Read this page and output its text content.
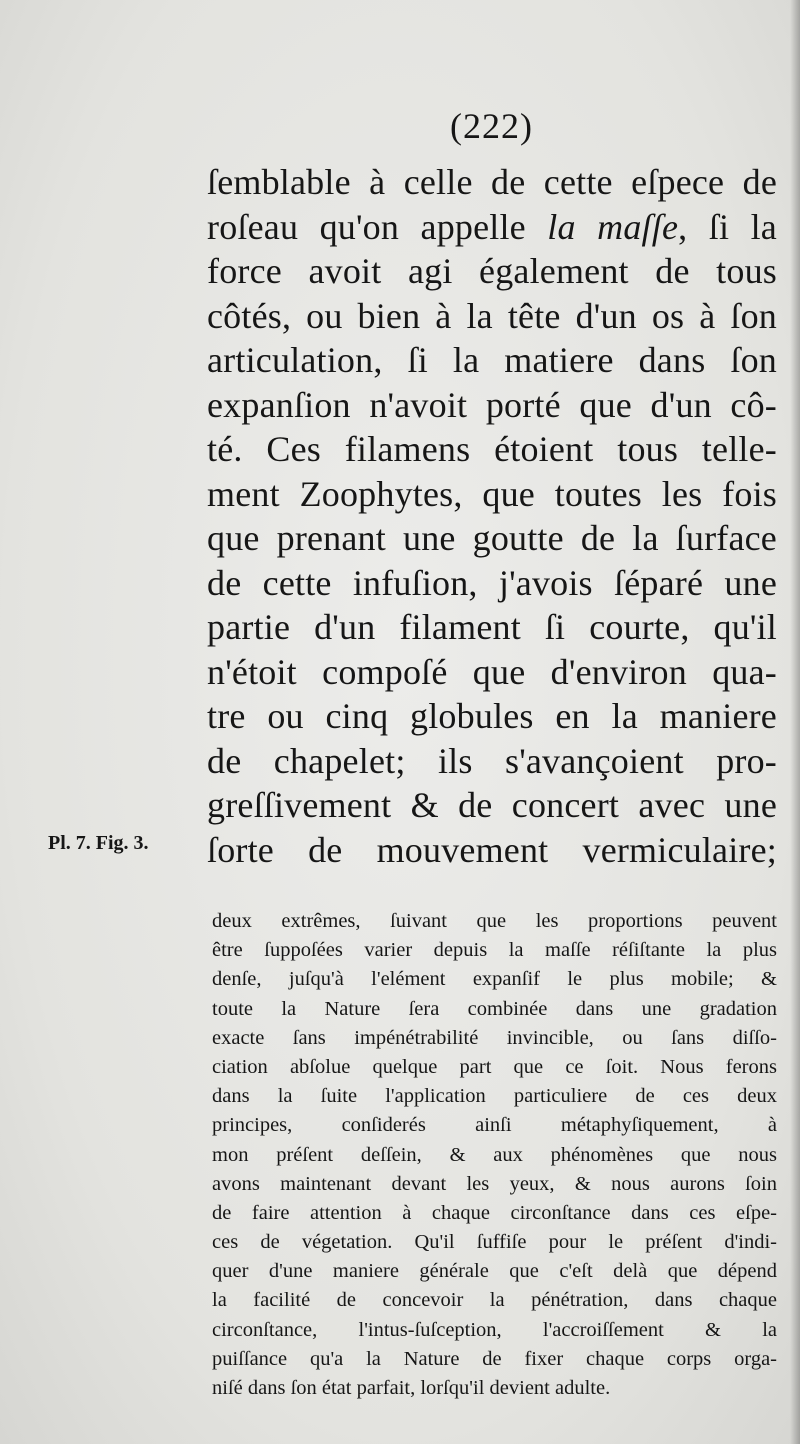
(222)
ſemblable à celle de cette eſpece de
roſeau qu'on appelle la maſſe, ſi la
force avoit agi également de tous
côtés, ou bien à la tête d'un os à ſon
articulation, ſi la matiere dans ſon
expanſion n'avoit porté que d'un cô-
té. Ces filamens étoient tous telle-
ment Zoophytes, que toutes les fois
que prenant une goutte de la ſurface
de cette infuſion, j'avois ſéparé une
partie d'un filament ſi courte, qu'il
n'étoit compoſé que d'environ qua-
tre ou cinq globules en la maniere
de chapelet; ils s'avançoient pro-
greſſivement & de concert avec une
ſorte de mouvement vermiculaire;
Pl. 7. Fig. 3.
deux extrêmes, ſuivant que les proportions peuvent
être ſuppoſées varier depuis la maſſe réſiſtante la plus
denſe, juſqu'à l'elément expanſif le plus mobile; &
toute la Nature ſera combinée dans une gradation
exacte ſans impénétrabilité invincible, ou ſans diſſo-
ciation abſolue quelque part que ce ſoit. Nous ferons
dans la ſuite l'application particuliere de ces deux
principes, conſiderés ainſi métaphyſiquement, à
mon préſent deſſein, & aux phénomènes que nous
avons maintenant devant les yeux, & nous aurons ſoin
de faire attention à chaque circonſtance dans ces eſpe-
ces de végetation. Qu'il ſuffiſe pour le préſent d'indi-
quer d'une maniere générale que c'eſt delà que dépend
la facilité de concevoir la pénétration, dans chaque
circonſtance, l'intus-ſuſception, l'accroiſſement & la
puiſſance qu'a la Nature de fixer chaque corps orga-
niſé dans ſon état parfait, lorſqu'il devient adulte.
